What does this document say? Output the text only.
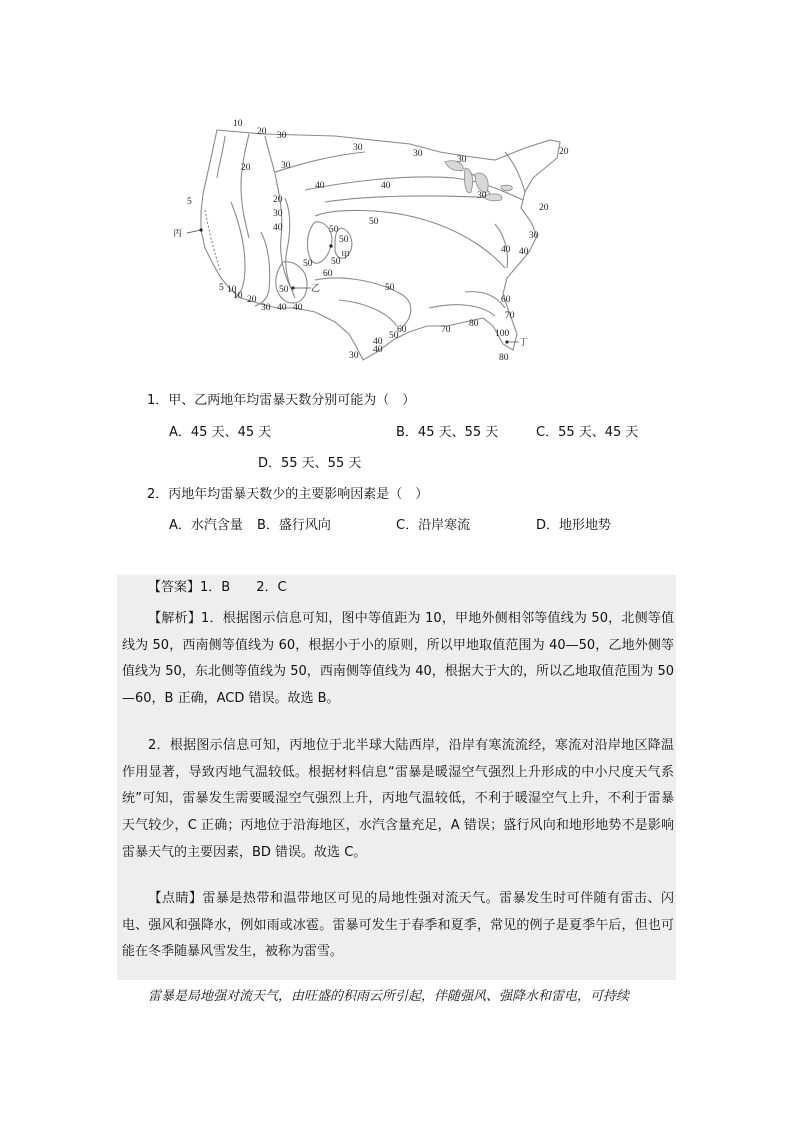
10
20 30
30
20	30
40
30
30
30
20
40
20
20
30
40
50
30
40	50
50
60
50
50
50
40
50
60
70
5
10
10 20
30 40 40
30
40
50
60	70
80
100
80
40
5
甲
乙
丙
丁
1．甲、乙两地年均雷暴天数分别可能为（　）
A．45 天、45 天	B．45 天、55 天	C．55 天、45 天
D．55 天、55 天
2．丙地年均雷暴天数少的主要影响因素是（　）
A．水汽含量 B．盛行风向	C．沿岸寒流	D．地形地势
【答案】1．B　　2．C
【解析】1．根据图示信息可知，图中等值距为 10，甲地外侧相邻等值线为 50，北侧等值线为 50，西南侧等值线为 60，根据小于小的原则，所以甲地取值范围为 40—50，乙地外侧等值线为 50，东北侧等值线为 50，西南侧等值线为 40，根据大于大的，所以乙地取值范围为 50—60，B 正确，ACD 错误。故选 B。
2．根据图示信息可知，丙地位于北半球大陆西岸，沿岸有寒流流经，寒流对沿岸地区降温作用显著，导致丙地气温较低。根据材料信息“雷暴是暖湿空气强烈上升形成的中小尺度天气系统”可知，雷暴发生需要暖湿空气强烈上升，丙地气温较低，不利于暖湿空气上升，不利于雷暴天气较少，C 正确；丙地位于沿海地区，水汽含量充足，A 错误；盛行风向和地形地势不是影响雷暴天气的主要因素，BD 错误。故选 C。
【点睛】雷暴是热带和温带地区可见的局地性强对流天气。雷暴发生时可伴随有雷击、闪电、强风和强降水，例如雨或冰雹。雷暴可发生于春季和夏季，常见的例子是夏季午后，但也可能在冬季随暴风雪发生，被称为雷雪。
雷暴是局地强对流天气，由旺盛的积雨云所引起，伴随强风、强降水和雷电，可持续
